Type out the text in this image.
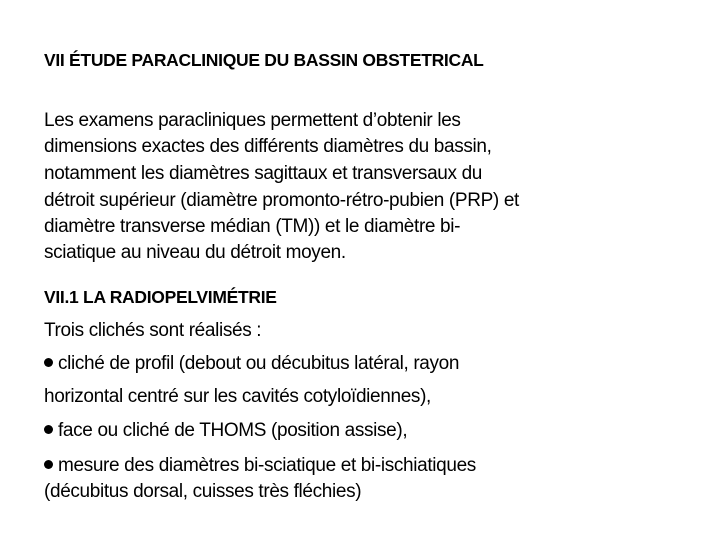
VII ÉTUDE PARACLINIQUE DU BASSIN OBSTETRICAL
Les examens paracliniques permettent d’obtenir les
dimensions exactes des différents diamètres du bassin,
notamment les diamètres sagittaux et transversaux du
détroit supérieur (diamètre promonto-rétro-pubien (PRP) et
diamètre transverse médian (TM)) et le diamètre bi-
sciatique au niveau du détroit moyen.
VII.1 LA RADIOPELVIMÉTRIE
Trois clichés sont réalisés :
cliché de profil (debout ou décubitus latéral, rayon
horizontal centré sur les cavités cotyloïdiennes),
face ou cliché de THOMS (position assise),
mesure des diamètres bi-sciatique et bi-ischiatiques
(décubitus dorsal, cuisses très fléchies)
